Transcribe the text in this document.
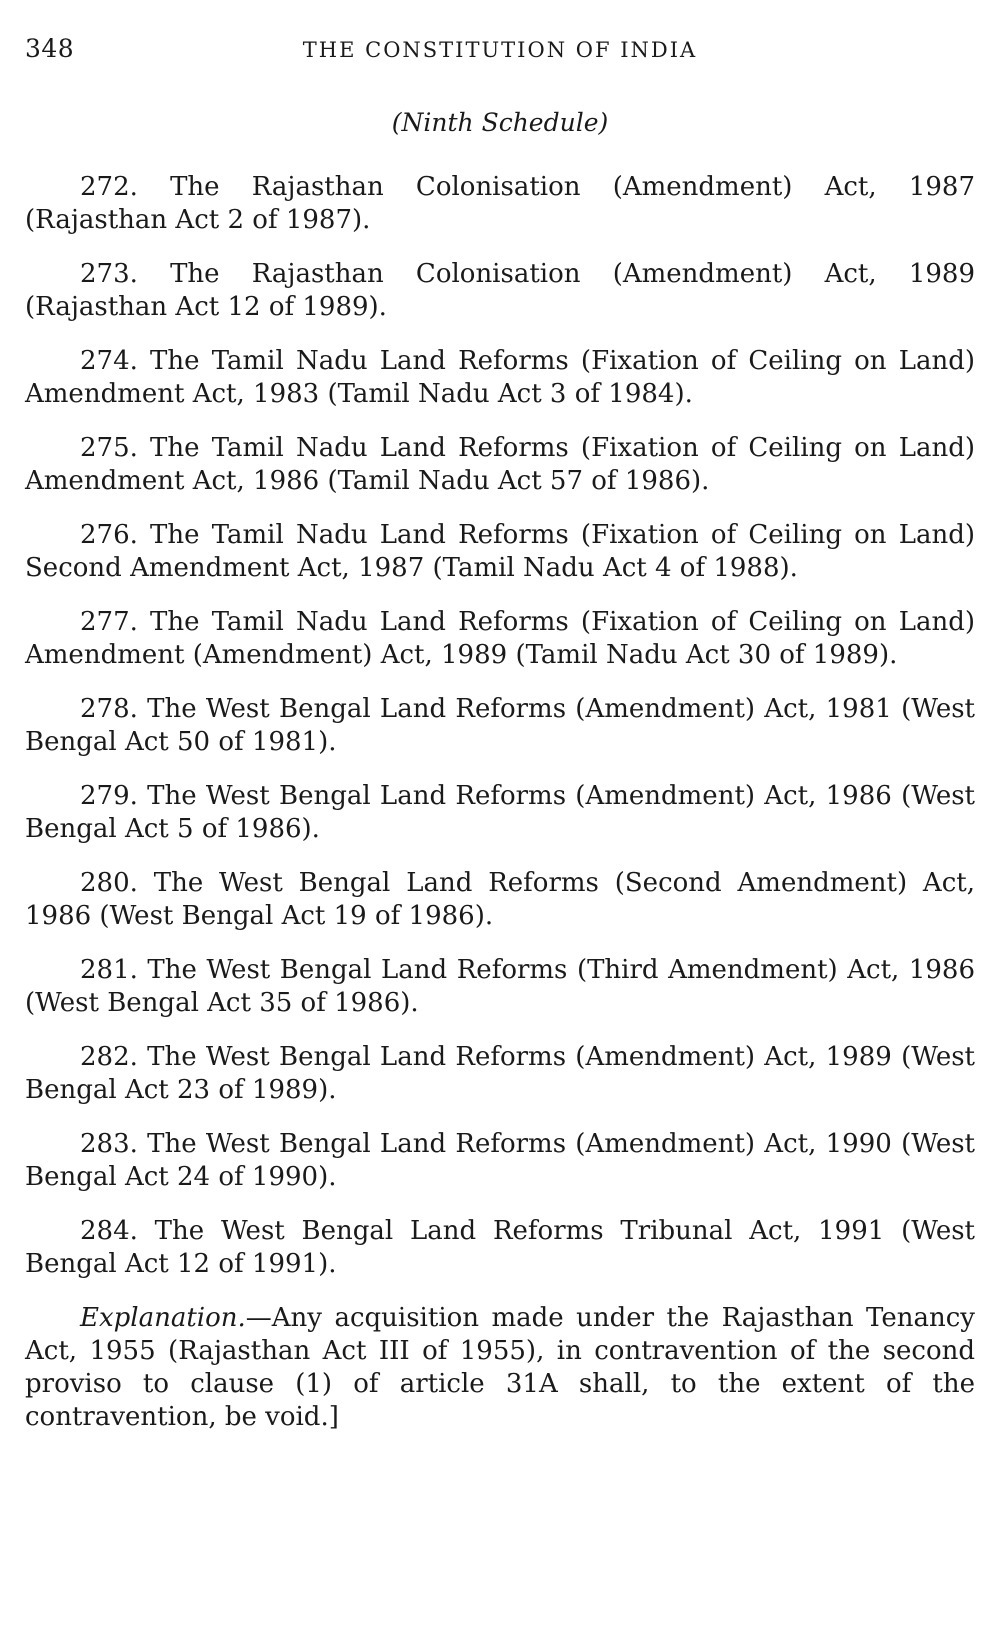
348	THE CONSTITUTION OF INDIA
(Ninth Schedule)

272. The Rajasthan Colonisation (Amendment) Act, 1987 (Rajasthan Act 2 of 1987).

273. The Rajasthan Colonisation (Amendment) Act, 1989 (Rajasthan Act 12 of 1989).

274. The Tamil Nadu Land Reforms (Fixation of Ceiling on Land) Amendment Act, 1983 (Tamil Nadu Act 3 of 1984).

275. The Tamil Nadu Land Reforms (Fixation of Ceiling on Land) Amendment Act, 1986 (Tamil Nadu Act 57 of 1986).

276. The Tamil Nadu Land Reforms (Fixation of Ceiling on Land) Second Amendment Act, 1987 (Tamil Nadu Act 4 of 1988).

277. The Tamil Nadu Land Reforms (Fixation of Ceiling on Land) Amendment (Amendment) Act, 1989 (Tamil Nadu Act 30 of 1989).

278. The West Bengal Land Reforms (Amendment) Act, 1981 (West Bengal Act 50 of 1981).

279. The West Bengal Land Reforms (Amendment) Act, 1986 (West Bengal Act 5 of 1986).

280. The West Bengal Land Reforms (Second Amendment) Act, 1986 (West Bengal Act 19 of 1986).

281. The West Bengal Land Reforms (Third Amendment) Act, 1986 (West Bengal Act 35 of 1986).

282. The West Bengal Land Reforms (Amendment) Act, 1989 (West Bengal Act 23 of 1989).

283. The West Bengal Land Reforms (Amendment) Act, 1990 (West Bengal Act 24 of 1990).

284. The West Bengal Land Reforms Tribunal Act, 1991 (West Bengal Act 12 of 1991).

Explanation.—Any acquisition made under the Rajasthan Tenancy Act, 1955 (Rajasthan Act III of 1955), in contravention of the second proviso to clause (1) of article 31A shall, to the extent of the contravention, be void.]
